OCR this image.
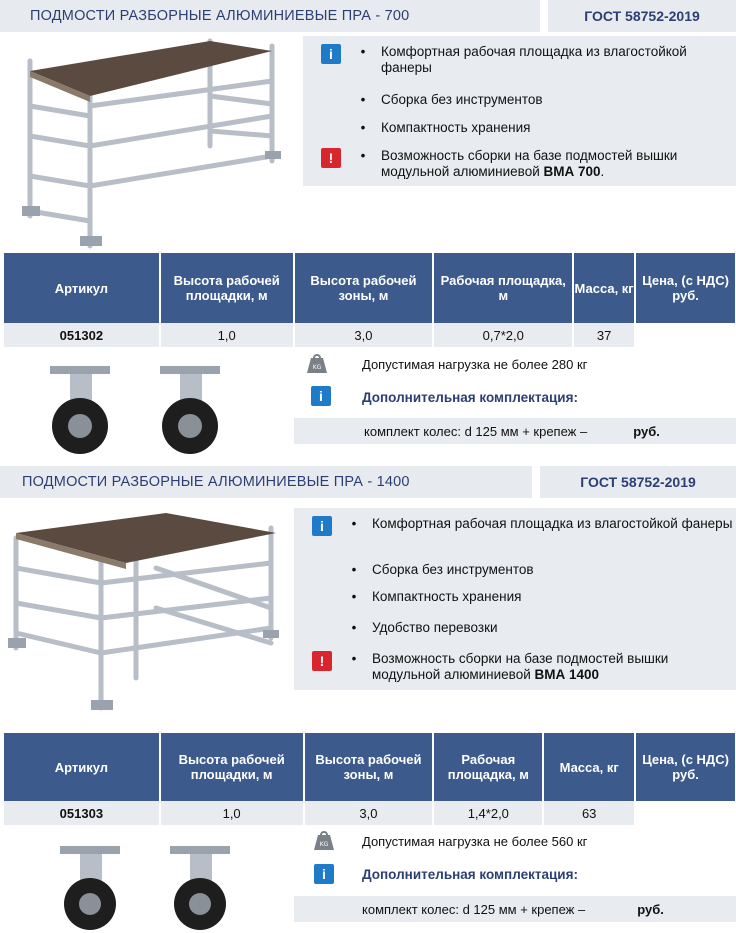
ПОДМОСТИ РАЗБОРНЫЕ АЛЮМИНИЕВЫЕ ПРА - 700	ГОСТ 58752-2019
i	•	Комфортная рабочая площадка из влагостойкой фанеры
•	Сборка без инструментов
•	Компактность хранения
!	•	Возможность сборки на базе подмостей вышки модульной алюминиевой ВМА 700.
Артикул	Высота рабочей площадки, м	Высота рабочей зоны, м	Рабочая площадка, м	Масса, кг	Цена, (с НДС) руб.
051302	1,0	3,0	0,7*2,0	37	
KG	Допустимая нагрузка не более 280 кг
i	Дополнительная комплектация:
комплект колес: d 125 мм + крепеж –	руб.
ПОДМОСТИ РАЗБОРНЫЕ АЛЮМИНИЕВЫЕ ПРА - 1400	ГОСТ 58752-2019
i	•	Комфортная рабочая площадка из влагостойкой фанеры
•	Сборка без инструментов
•	Компактность хранения
•	Удобство перевозки
!	•	Возможность сборки на базе подмостей вышки модульной алюминиевой ВМА 1400
Артикул	Высота рабочей площадки, м	Высота рабочей зоны, м	Рабочая площадка, м	Масса, кг	Цена, (с НДС) руб.
051303	1,0	3,0	1,4*2,0	63	
KG	Допустимая нагрузка не более 560 кг
i	Дополнительная комплектация:
комплект колес: d 125 мм + крепеж –	руб.
